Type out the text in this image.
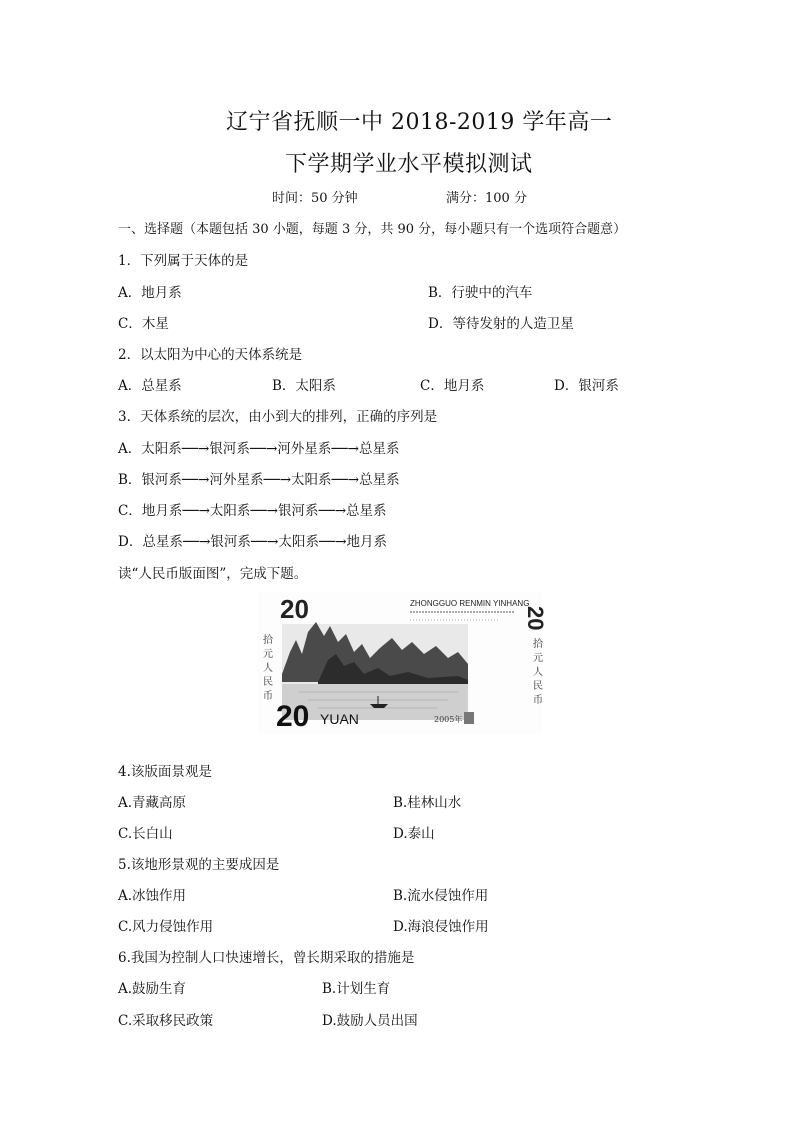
辽宁省抚顺一中 2018-2019 学年高一
下学期学业水平模拟测试
时间：50 分钟	满分：100 分
一、选择题（本题包括 30 小题，每题 3 分，共 90 分，每小题只有一个选项符合题意）
1．下列属于天体的是
A．地月系	B．行驶中的汽车
C．木星	D．等待发射的人造卫星
2．以太阳为中心的天体系统是
A．总星系	B．太阳系	C．地月系	D．银河系
3．天体系统的层次，由小到大的排列，正确的序列是
A．太阳系──→银河系──→河外星系──→总星系
B．银河系──→河外星系──→太阳系──→总星系
C．地月系──→太阳系──→银河系──→总星系
D．总星系──→银河系──→太阳系──→地月系
读“人民币版面图”，完成下题。
20	ZHONGGUO RENMIN YINHANG
20
拾元人民币	拾元人民币
20 YUAN	2005年
4.该版面景观是
A.青藏高原	B.桂林山水
C.长白山	D.泰山
5.该地形景观的主要成因是
A.冰蚀作用	B.流水侵蚀作用
C.风力侵蚀作用	D.海浪侵蚀作用
6.我国为控制人口快速增长，曾长期采取的措施是
A.鼓励生育	B.计划生育
C.采取移民政策	D.鼓励人员出国
